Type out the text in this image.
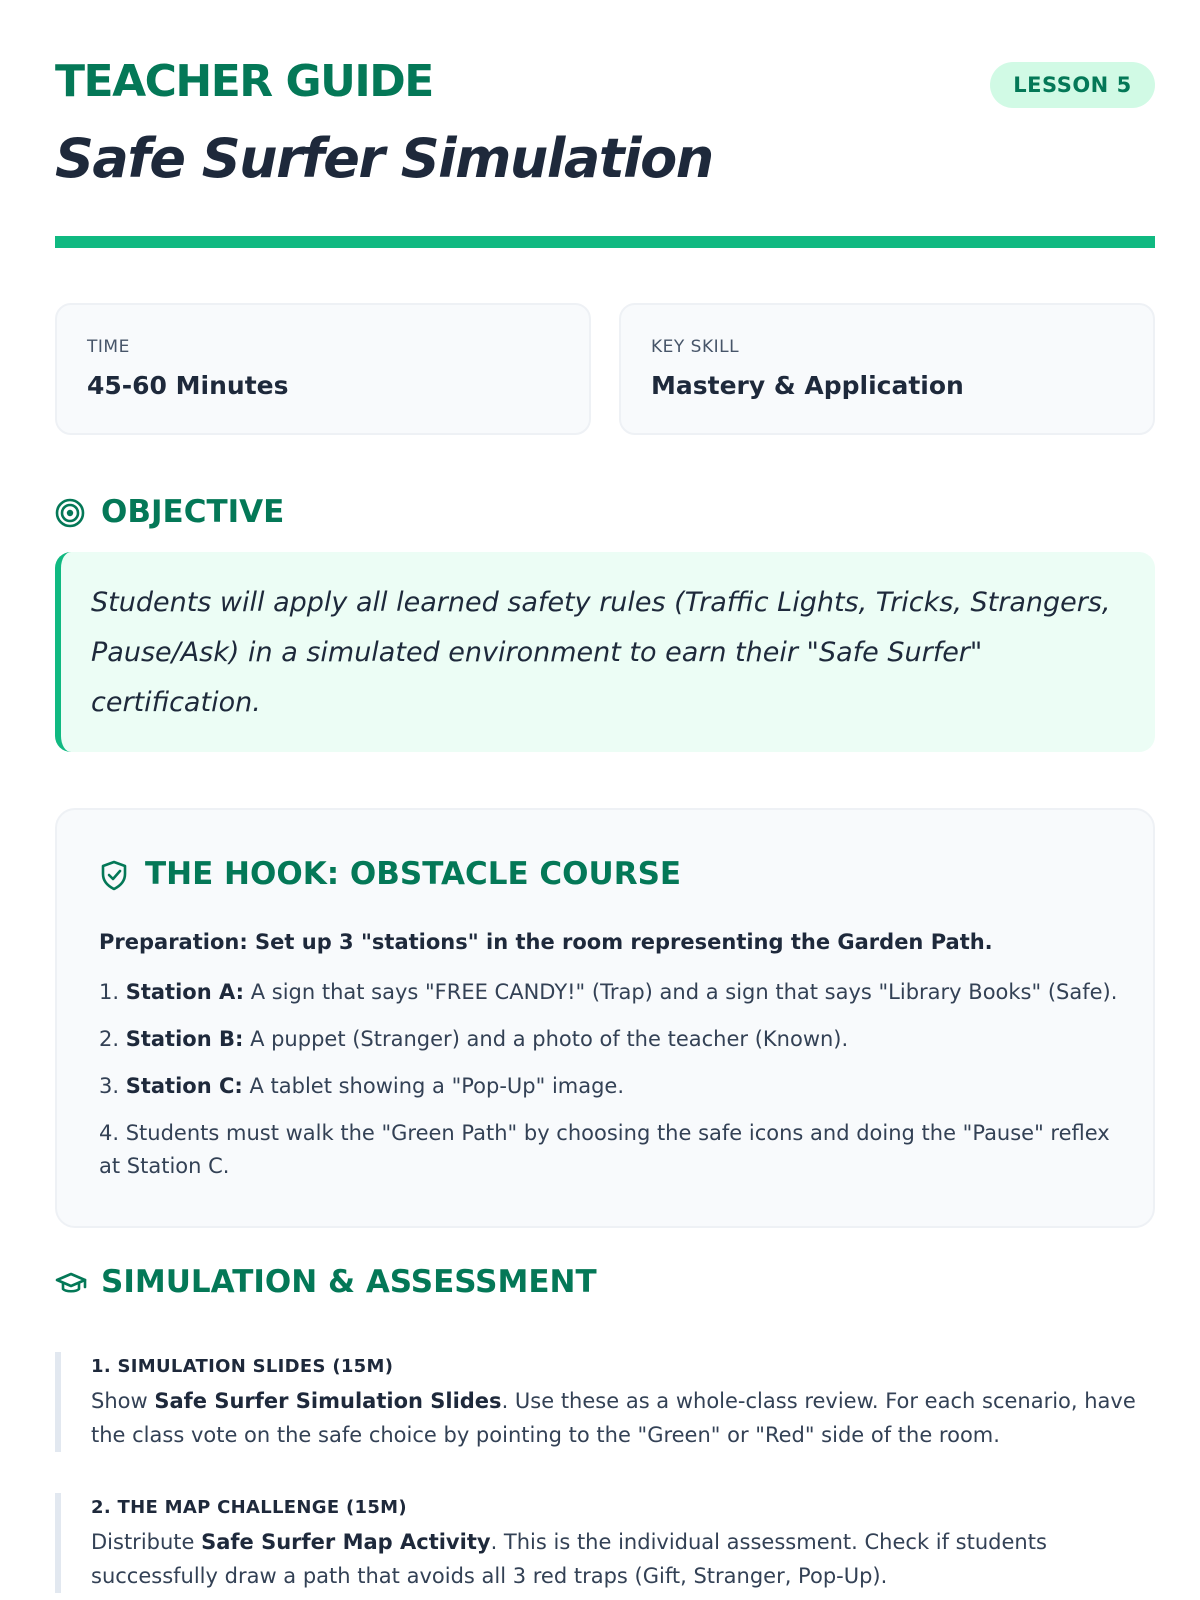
TEACHER GUIDE	LESSON 5
Safe Surfer Simulation
TIME
45-60 Minutes
KEY SKILL
Mastery & Application
OBJECTIVE
Students will apply all learned safety rules (Traffic Lights, Tricks, Strangers, Pause/Ask) in a simulated environment to earn their "Safe Surfer" certification.
THE HOOK: OBSTACLE COURSE
Preparation: Set up 3 "stations" in the room representing the Garden Path.
1. Station A: A sign that says "FREE CANDY!" (Trap) and a sign that says "Library Books" (Safe).
2. Station B: A puppet (Stranger) and a photo of the teacher (Known).
3. Station C: A tablet showing a "Pop-Up" image.
4. Students must walk the "Green Path" by choosing the safe icons and doing the "Pause" reflex at Station C.
SIMULATION & ASSESSMENT
1. SIMULATION SLIDES (15M)
Show Safe Surfer Simulation Slides. Use these as a whole-class review. For each scenario, have the class vote on the safe choice by pointing to the "Green" or "Red" side of the room.
2. THE MAP CHALLENGE (15M)
Distribute Safe Surfer Map Activity. This is the individual assessment. Check if students successfully draw a path that avoids all 3 red traps (Gift, Stranger, Pop-Up).
